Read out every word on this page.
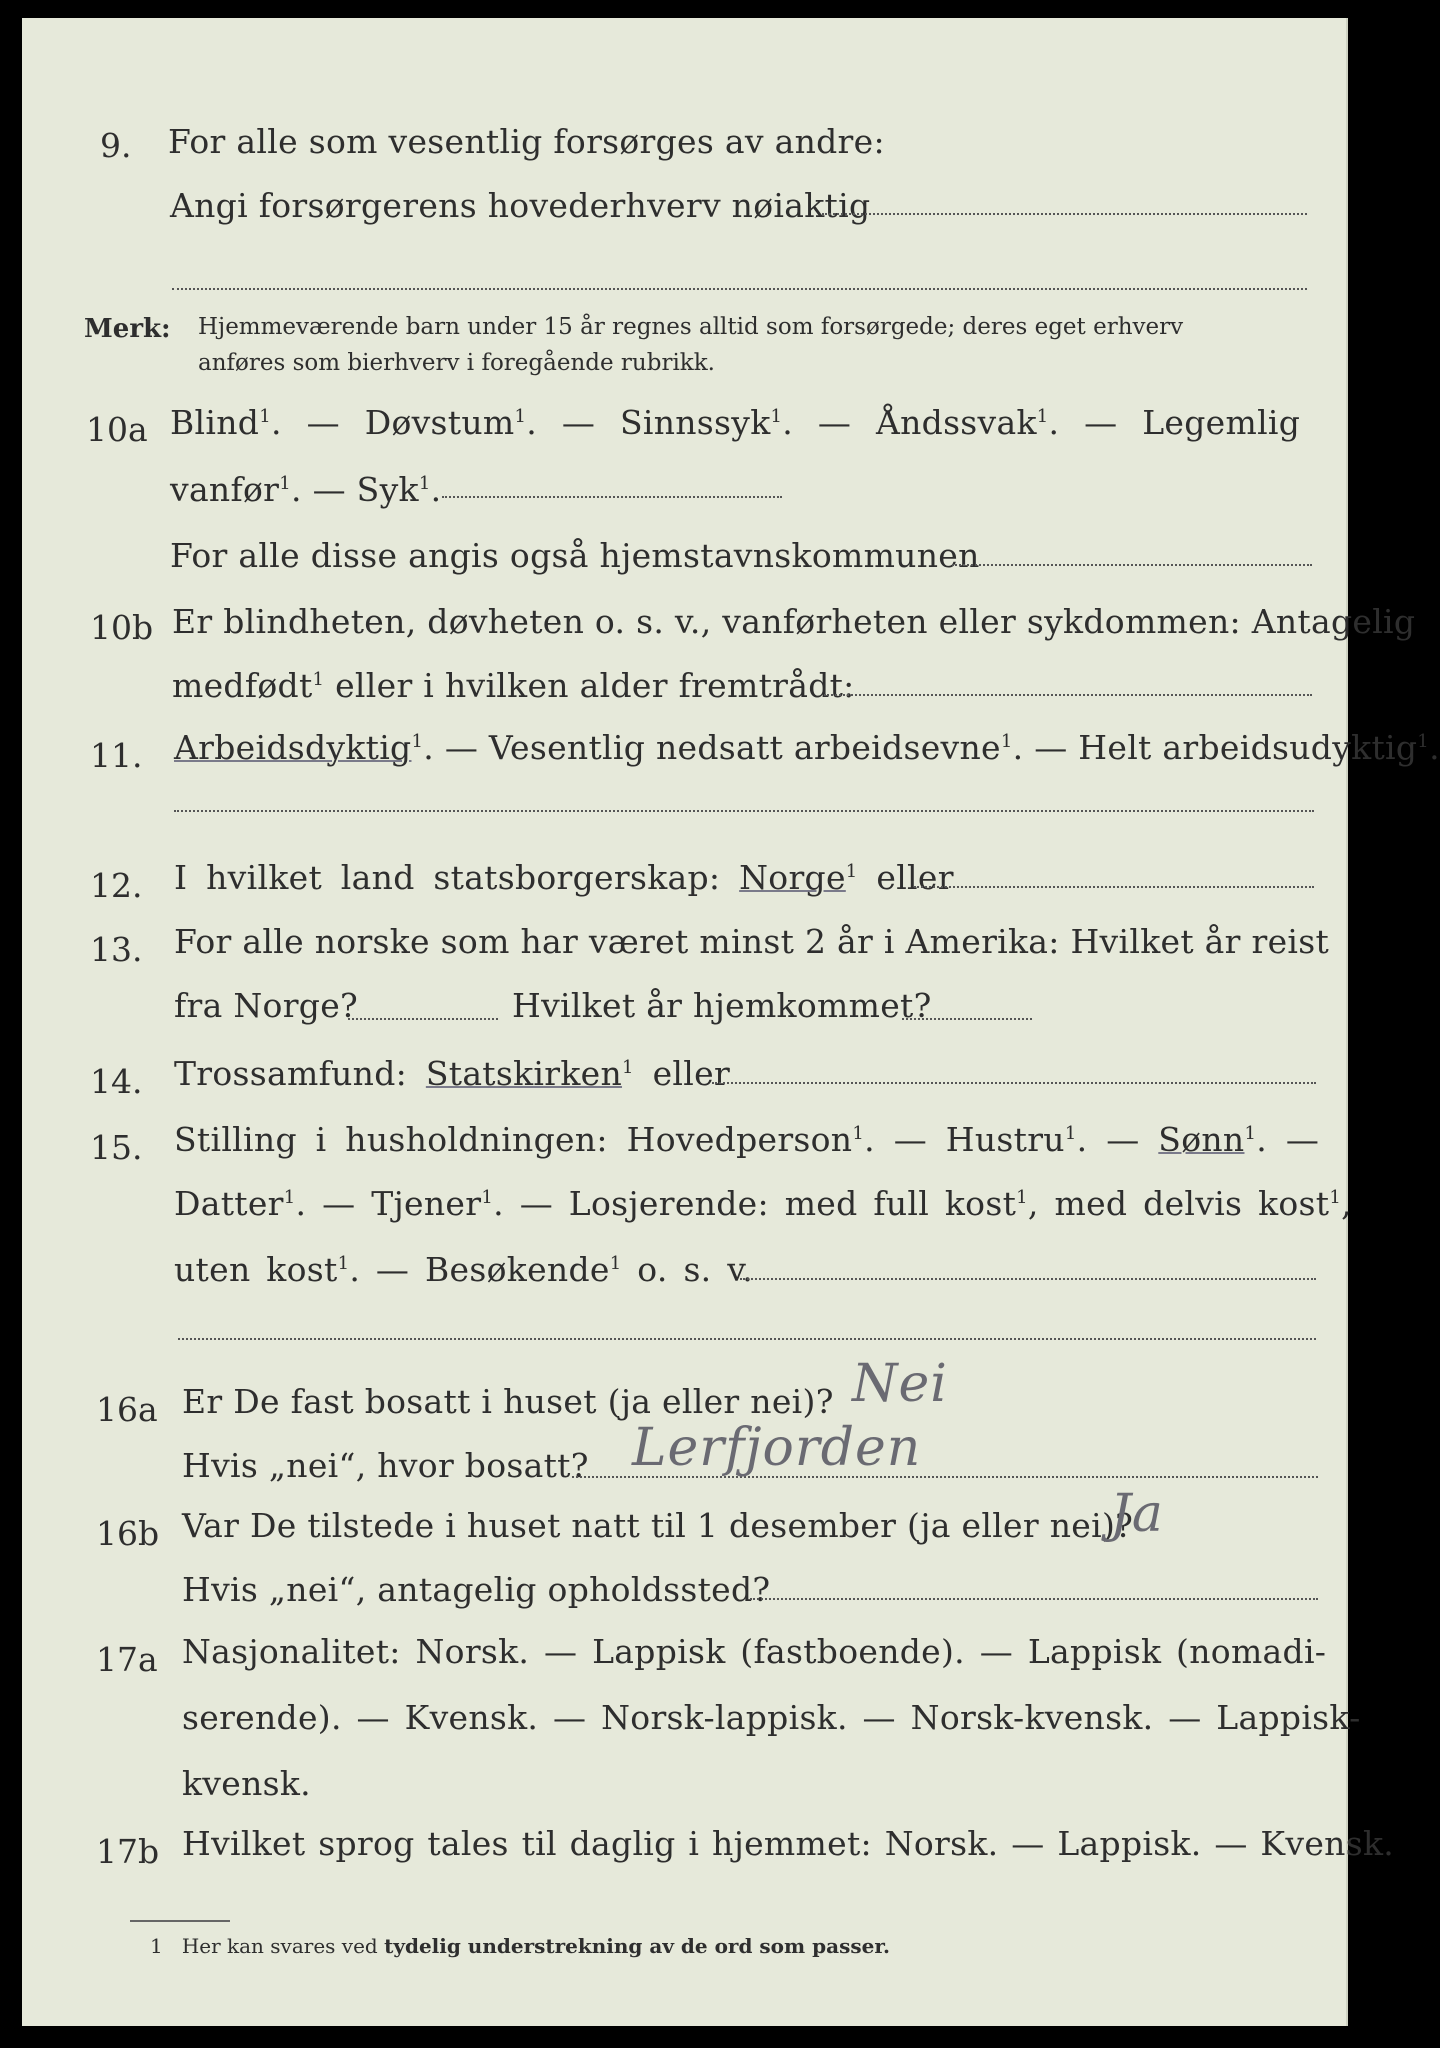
9. For alle som vesentlig forsørges av andre:
Angi forsørgerens hovederhverv nøiaktig
Merk: Hjemmeværende barn under 15 år regnes alltid som forsørgede; deres eget erhverv
anføres som bierhverv i foregående rubrikk.
10a Blind$^1$. — Døvstum$^1$. — Sinnssyk$^1$. — Åndssvak$^1$. — Legemlig
vanfør$^1$. — Syk$^1$.
For alle disse angis også hjemstavnskommunen
10b Er blindheten, døvheten o. s. v., vanførheten eller sykdommen: Antagelig
medfødt$^1$ eller i hvilken alder fremtrådt:
11. Arbeidsdyktig$^1$. — Vesentlig nedsatt arbeidsevne$^1$. — Helt arbeidsudyktig$^1$.
12. I hvilket land statsborgerskap: Norge$^1$ eller
13. For alle norske som har været minst 2 år i Amerika: Hvilket år reist
fra Norge?	Hvilket år hjemkommet?
14. Trossamfund: Statskirken$^1$ eller
15. Stilling i husholdningen: Hovedperson$^1$. — Hustru$^1$. — Sønn$^1$. —
Datter$^1$. — Tjener$^1$. — Losjerende: med full kost$^1$, med delvis kost$^1$,
uten kost$^1$. — Besøkende$^1$ o. s. v.
16a Er De fast bosatt i huset (ja eller nei)? Nei
Hvis „nei“, hvor bosatt? Lerfjorden
16b Var De tilstede i huset natt til 1 desember (ja eller nei)?
Ja
Hvis „nei“, antagelig opholdssted?
17a Nasjonalitet: Norsk. — Lappisk (fastboende). — Lappisk (nomadi-
serende). — Kvensk. — Norsk-lappisk. — Norsk-kvensk. — Lappisk-
kvensk.
17b Hvilket sprog tales til daglig i hjemmet: Norsk. — Lappisk. — Kvensk.
1 Her kan svares ved tydelig understrekning av de ord som passer.
